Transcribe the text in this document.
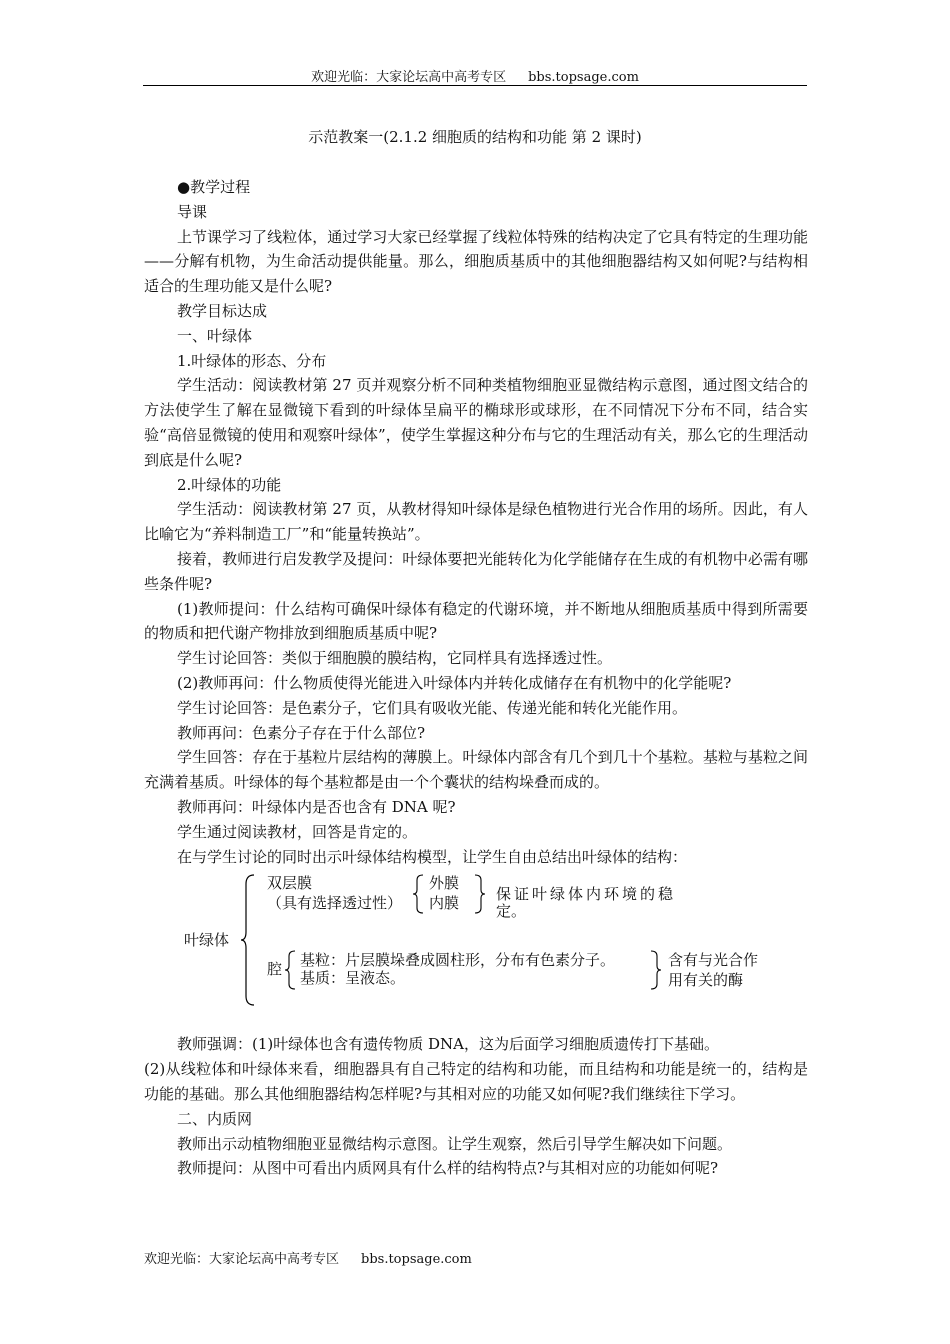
欢迎光临：大家论坛高中高考专区 bbs.topsage.com
示范教案一(2.1.2 细胞质的结构和功能 第 2 课时)

●教学过程

导课

上节课学习了线粒体，通过学习大家已经掌握了线粒体特殊的结构决定了它具有特定的生理功能——分解有机物，为生命活动提供能量。那么，细胞质基质中的其他细胞器结构又如何呢?与结构相适合的生理功能又是什么呢?

教学目标达成

一、叶绿体

1.叶绿体的形态、分布

学生活动：阅读教材第 27 页并观察分析不同种类植物细胞亚显微结构示意图，通过图文结合的方法使学生了解在显微镜下看到的叶绿体呈扁平的椭球形或球形，在不同情况下分布不同，结合实验“高倍显微镜的使用和观察叶绿体”，使学生掌握这种分布与它的生理活动有关，那么它的生理活动到底是什么呢?

2.叶绿体的功能

学生活动：阅读教材第 27 页，从教材得知叶绿体是绿色植物进行光合作用的场所。因此，有人比喻它为“养料制造工厂”和“能量转换站”。

接着，教师进行启发教学及提问：叶绿体要把光能转化为化学能储存在生成的有机物中必需有哪些条件呢?

(1)教师提问：什么结构可确保叶绿体有稳定的代谢环境，并不断地从细胞质基质中得到所需要的物质和把代谢产物排放到细胞质基质中呢?

学生讨论回答：类似于细胞膜的膜结构，它同样具有选择透过性。

(2)教师再问：什么物质使得光能进入叶绿体内并转化成储存在有机物中的化学能呢?

学生讨论回答：是色素分子，它们具有吸收光能、传递光能和转化光能作用。

教师再问：色素分子存在于什么部位?

学生回答：存在于基粒片层结构的薄膜上。叶绿体内部含有几个到几十个基粒。基粒与基粒之间充满着基质。叶绿体的每个基粒都是由一个个囊状的结构垛叠而成的。

教师再问：叶绿体内是否也含有 DNA 呢?

学生通过阅读教材，回答是肯定的。

在与学生讨论的同时出示叶绿体结构模型，让学生自由总结出叶绿体的结构：

叶绿体
双层膜
（具有选择透过性）
外膜
内膜 保证叶绿体内环境的稳
定。
腔 基粒：片层膜垛叠成圆柱形，分布有色素分子。
基质：呈液态。
含有与光合作
用有关的酶

教师强调：(1)叶绿体也含有遗传物质 DNA，这为后面学习细胞质遗传打下基础。

(2)从线粒体和叶绿体来看，细胞器具有自己特定的结构和功能，而且结构和功能是统一的，结构是功能的基础。那么其他细胞器结构怎样呢?与其相对应的功能又如何呢?我们继续往下学习。

二、内质网

教师出示动植物细胞亚显微结构示意图。让学生观察，然后引导学生解决如下问题。

教师提问：从图中可看出内质网具有什么样的结构特点?与其相对应的功能如何呢?

欢迎光临：大家论坛高中高考专区 bbs.topsage.com
